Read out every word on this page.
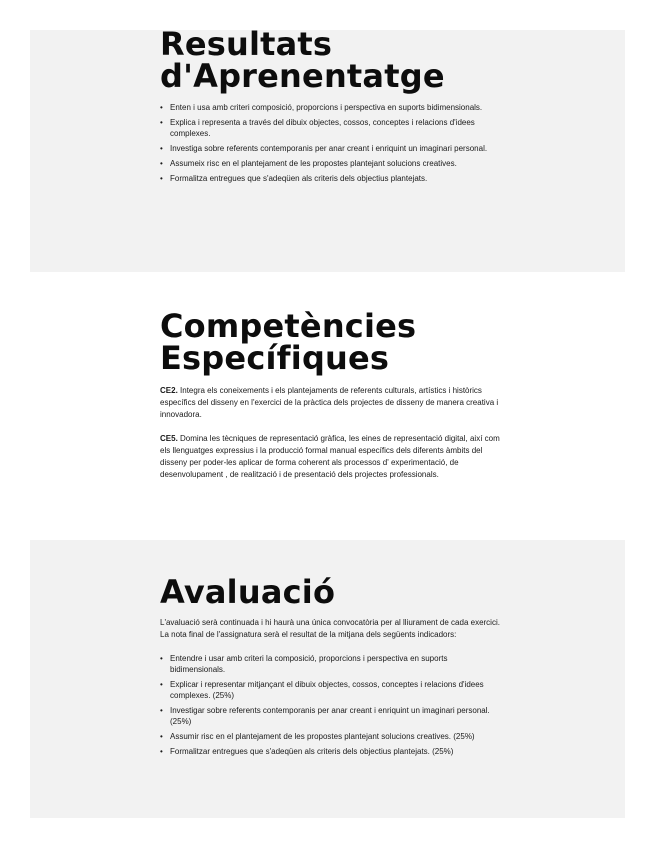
Resultats
d'Aprenentatge
• Enten i usa amb criteri composició, proporcions i perspectiva en suports bidimensionals.
• Explica i representa a través del dibuix objectes, cossos, conceptes i relacions d'idees complexes.
• Investiga sobre referents contemporanis per anar creant i enriquint un imaginari personal.
• Assumeix risc en el plantejament de les propostes plantejant solucions creatives.
• Formalitza entregues que s'adeqüen als criteris dels objectius plantejats.
Competències
Específiques

CE2. Integra els coneixements i els plantejaments de referents culturals, artístics i històrics específics del disseny en l'exercici de la pràctica dels projectes de disseny de manera creativa i innovadora.

CE5. Domina les tècniques de representació gràfica, les eines de representació digital, així com els llenguatges expressius i la producció formal manual específics dels diferents àmbits del disseny per poder-les aplicar de forma coherent als processos d' experimentació, de desenvolupament , de realització i de presentació dels projectes professionals.

Avaluació

L'avaluació serà continuada i hi haurà una única convocatòria per al lliurament de cada exercici. La nota final de l'assignatura serà el resultat de la mitjana dels següents indicadors:

• Entendre i usar amb criteri la composició, proporcions i perspectiva en suports bidimensionals.
• Explicar i representar mitjançant el dibuix objectes, cossos, conceptes i relacions d'idees complexes. (25%)
• Investigar sobre referents contemporanis per anar creant i enriquint un imaginari personal. (25%)
• Assumir risc en el plantejament de les propostes plantejant solucions creatives. (25%)
• Formalitzar entregues que s'adeqüen als criteris dels objectius plantejats. (25%)
